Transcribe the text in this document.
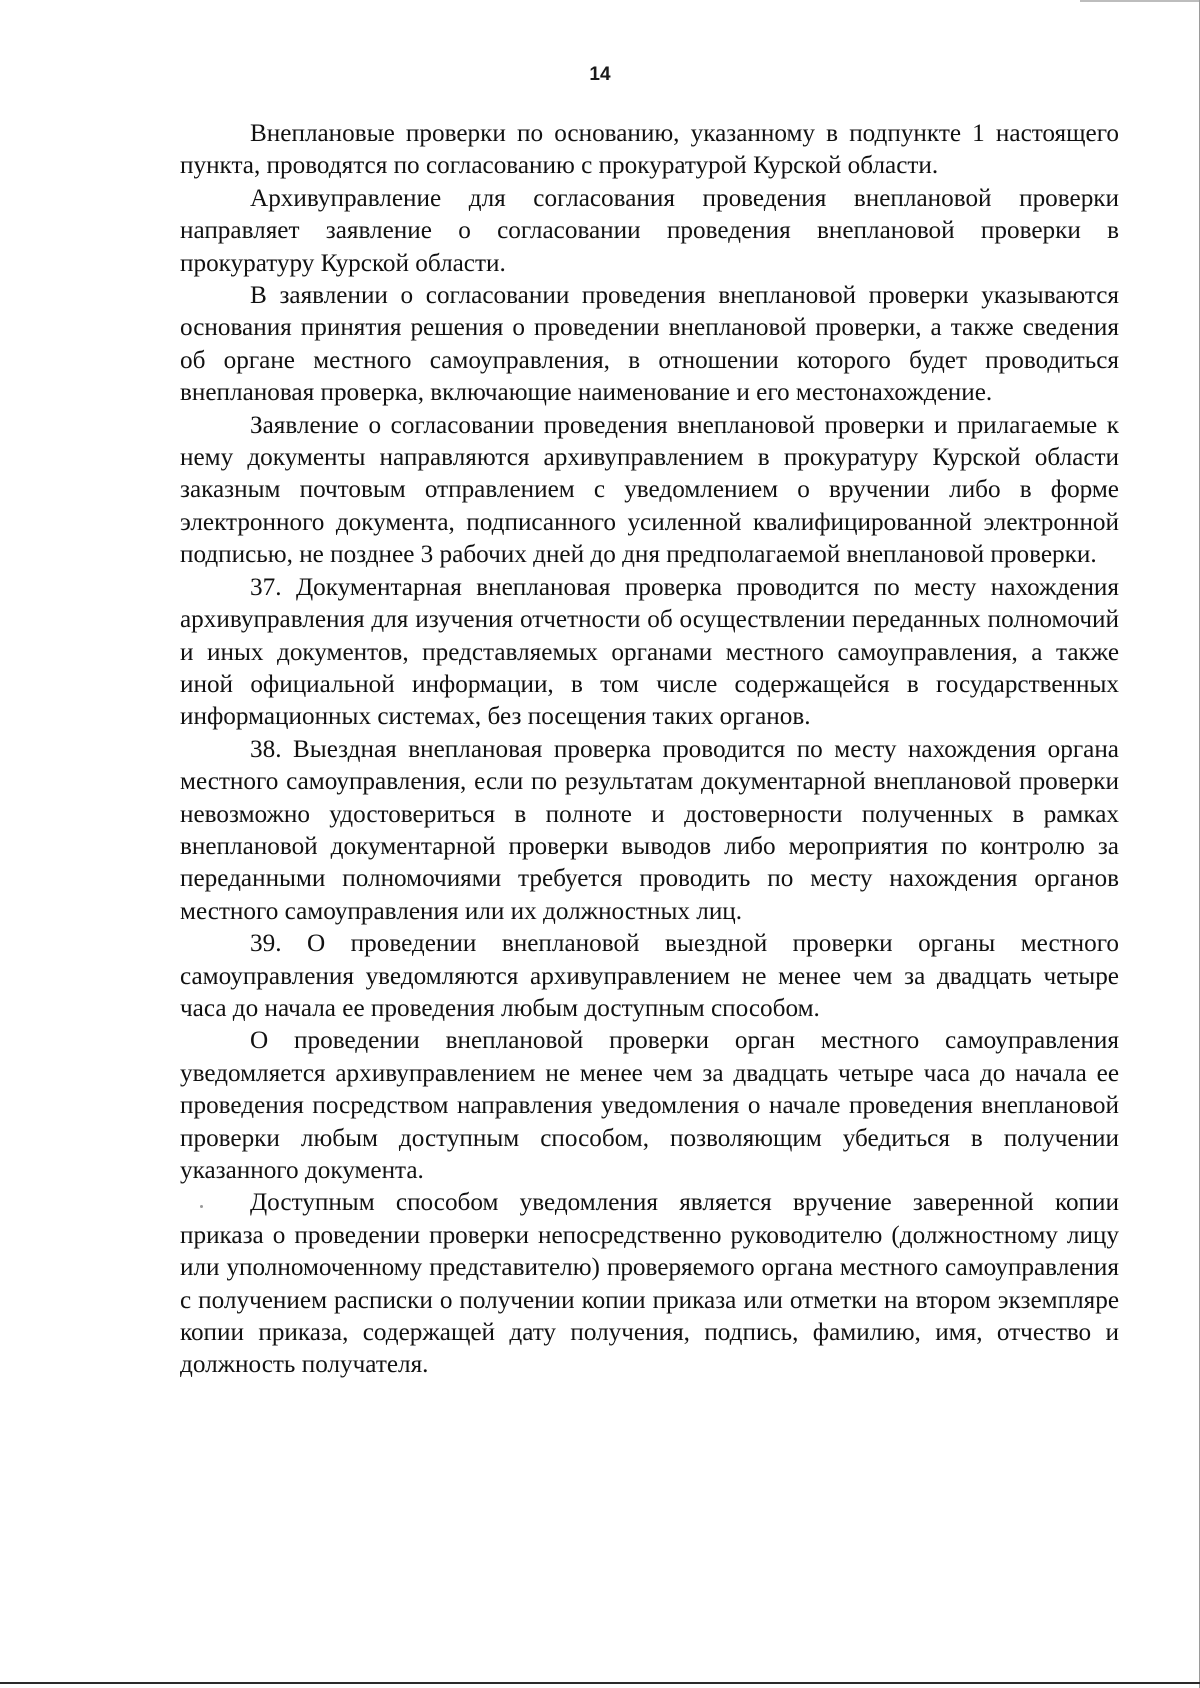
14

Внеплановые проверки по основанию, указанному в подпункте 1 настоящего пункта, проводятся по согласованию с прокуратурой Курской области.

Архивуправление для согласования проведения внеплановой проверки направляет заявление о согласовании проведения внеплановой проверки в прокуратуру Курской области.

В заявлении о согласовании проведения внеплановой проверки указываются основания принятия решения о проведении внеплановой проверки, а также сведения об органе местного самоуправления, в отношении которого будет проводиться внеплановая проверка, включающие наименование и его местонахождение.

Заявление о согласовании проведения внеплановой проверки и прилагаемые к нему документы направляются архивуправлением в прокуратуру Курской области заказным почтовым отправлением с уведомлением о вручении либо в форме электронного документа, подписанного усиленной квалифицированной электронной подписью, не позднее 3 рабочих дней до дня предполагаемой внеплановой проверки.

37. Документарная внеплановая проверка проводится по месту нахождения архивуправления для изучения отчетности об осуществлении переданных полномочий и иных документов, представляемых органами местного самоуправления, а также иной официальной информации, в том числе содержащейся в государственных информационных системах, без посещения таких органов.

38. Выездная внеплановая проверка проводится по месту нахождения органа местного самоуправления, если по результатам документарной внеплановой проверки невозможно удостовериться в полноте и достоверности полученных в рамках внеплановой документарной проверки выводов либо мероприятия по контролю за переданными полномочиями требуется проводить по месту нахождения органов местного самоуправления или их должностных лиц.

39. О проведении внеплановой выездной проверки органы местного самоуправления уведомляются архивуправлением не менее чем за двадцать четыре часа до начала ее проведения любым доступным способом.

О проведении внеплановой проверки орган местного самоуправления уведомляется архивуправлением не менее чем за двадцать четыре часа до начала ее проведения посредством направления уведомления о начале проведения внеплановой проверки любым доступным способом, позволяющим убедиться в получении указанного документа.

Доступным способом уведомления является вручение заверенной копии приказа о проведении проверки непосредственно руководителю (должностному лицу или уполномоченному представителю) проверяемого органа местного самоуправления с получением расписки о получении копии приказа или отметки на втором экземпляре копии приказа, содержащей дату получения, подпись, фамилию, имя, отчество и должность получателя.
